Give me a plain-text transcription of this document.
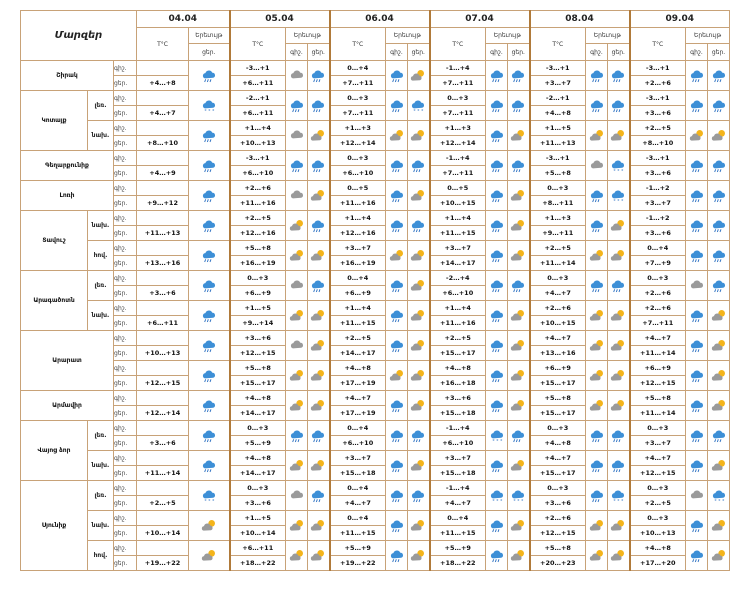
Մարզեր			04.04		05.04			06.04			07.04			08.04			09.04		
			T°C	Երեւույթ	T°C	Երեւույթ		T°C	Երեւույթ		T°C	Երեւույթ		T°C	Երեւույթ		T°C	Երեւույթ	
				ցեր.		գիշ.	ցեր.		գիշ.	ցեր.		գիշ.	ցեր.		գիշ.	ցեր.		գիշ.	ցեր.
Շիրակ		գիշ.			-3…+1			0…+4			-1…+4			-3…+1			-3…+1		
		ցեր.	+4…+8		+6…+11			+7…+11			+7…+11			+3…+7			+2…+6		
Կոտայք	լեռ.	գիշ.		* * *	-2…+1			0…+3		* * *	0…+3			-2…+1			-3…+1		
		ցեր.	+4…+7		+6…+11			+7…+11			+7…+11			+4…+8			+3…+6		
	նախ.	գիշ.			+1…+4			+1…+3			+1…+3			+1…+5			+2…+5		
		ցեր.	+8…+10		+10…+13			+12…+14			+12…+14			+11…+13			+8…+10		
Գեղարքունիք		գիշ.			-3…+1			0…+3			-1…+4			-3…+1		* * *	-3…+1		
		ցեր.	+4…+9		+6…+10			+6…+10			+7…+11			+5…+8			+3…+6		
Լոռի		գիշ.			+2…+6			0…+5			0…+5			0…+3		* * *	-1…+2		
		ցեր.	+9…+12		+11…+16			+11…+16			+10…+15			+8…+11			+3…+7		
Տավուշ	նախ.	գիշ.			+2…+5			+1…+4			+1…+4			+1…+3			-1…+2		
		ցեր.	+11…+13		+12…+16			+12…+16			+11…+15			+9…+11			+3…+6		
	հով.	գիշ.			+5…+8			+3…+7			+3…+7			+2…+5			0…+4		
		ցեր.	+13…+16		+16…+19			+16…+19			+14…+17			+11…+14			+7…+9		
Արագածոտն	լեռ.	գիշ.			0…+3			0…+4			-2…+4			0…+3			0…+3		
		ցեր.	+3…+6		+6…+9			+6…+9			+6…+10			+4…+7			+2…+6		
	նախ.	գիշ.			+1…+5			+1…+4			+1…+4			+2…+6			+2…+6		
		ցեր.	+6…+11		+9…+14			+11…+15			+11…+16			+10…+15			+7…+11		
Արարատ		գիշ.			+3…+6			+2…+5			+2…+5			+4…+7			+4…+7		
		ցեր.	+10…+13		+12…+15			+14…+17			+15…+17			+13…+16			+11…+14		
		գիշ.			+5…+8			+4…+8			+4…+8			+6…+9			+6…+9		
		ցեր.	+12…+15		+15…+17			+17…+19			+16…+18			+15…+17			+12…+15		
Արմավիր		գիշ.			+4…+8			+4…+7			+3…+6			+5…+8			+5…+8		
		ցեր.	+12…+14		+14…+17			+17…+19			+15…+18			+15…+17			+11…+14		
Վայոց ձոր	լեռ.	գիշ.			0…+3			0…+4			-1…+4	* * *		0…+3			0…+3		
		ցեր.	+3…+6		+5…+9			+6…+10			+6…+10			+4…+8			+3…+7		
	նախ.	գիշ.			+4…+8			+3…+7			+3…+7			+4…+7			+4…+7		
		ցեր.	+11…+14		+14…+17			+15…+18			+15…+18			+15…+17			+12…+15		
Սյունիք	լեռ.	գիշ.		* * *	0…+3			0…+4			-1…+4	* * *	* * *	0…+3		* * *	0…+3		* * *

		ցեր.	+2…+5		+3…+6			+4…+7			+4…+7			+3…+6			+2…+5		
	նախ.	գիշ.			+1…+5			0…+4			0…+4			+2…+6			0…+3		
		ցեր.	+10…+14		+10…+14			+11…+15			+11…+15			+12…+15			+10…+13		
	հով.	գիշ.			+6…+11			+5…+9			+5…+9			+5…+8			+4…+8		
		ցեր.	+19…+22		+18…+22			+19…+22			+18…+22			+20…+23			+17…+20		
